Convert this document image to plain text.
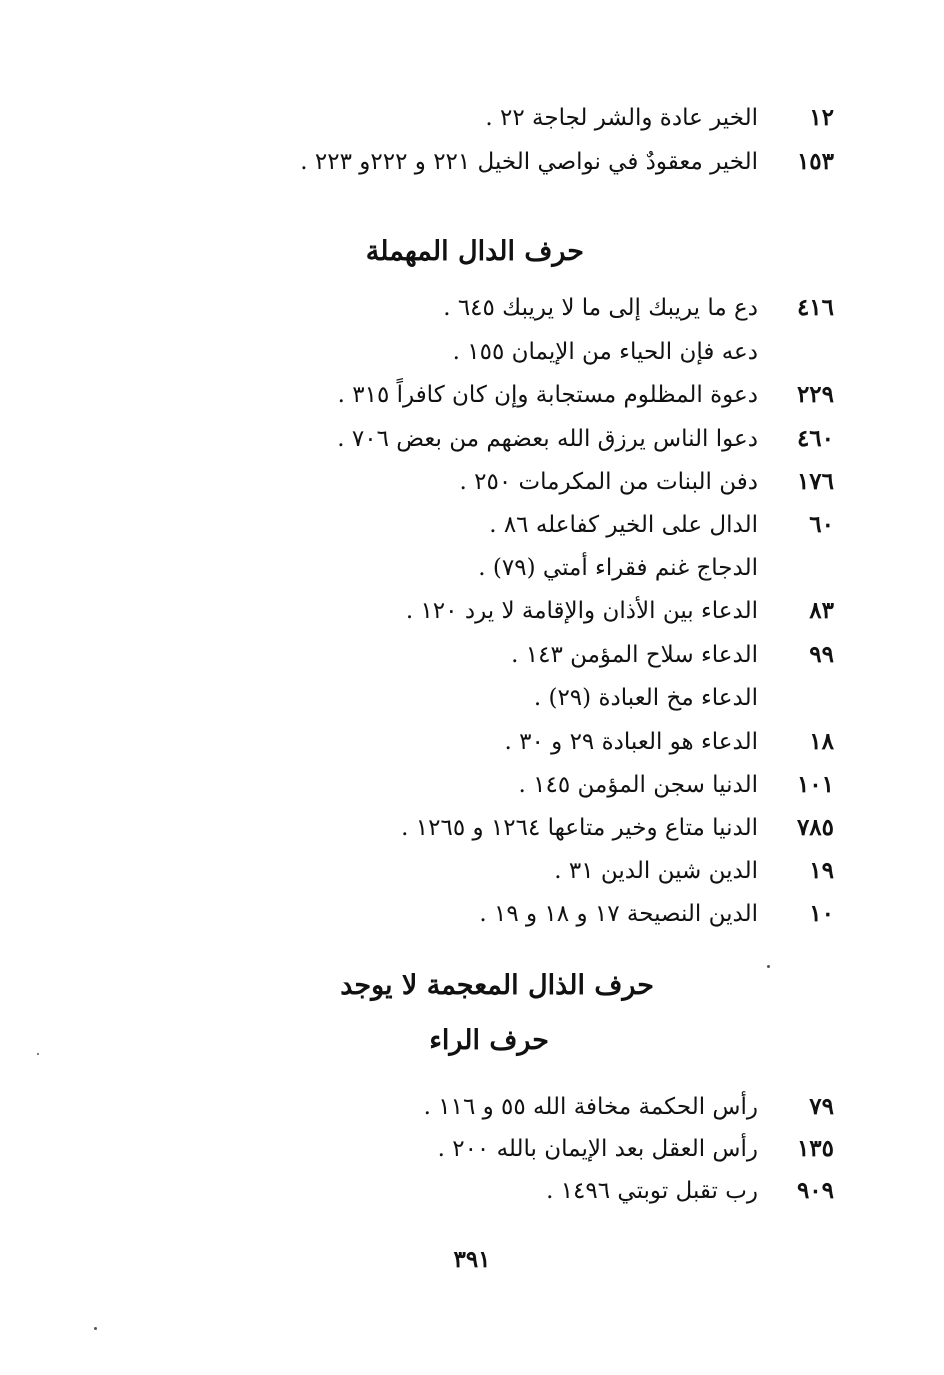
١٢
الخير عادة والشر لجاجة ٢٢ .
١٥٣
الخير معقودٌ في نواصي الخيل ٢٢١ و ٢٢٢و ٢٢٣ .
حرف الدال المهملة
٤١٦
دع ما يريبك إلى ما لا يريبك ٦٤٥ .
دعه فإن الحياء من الإيمان ١٥٥ .
٢٢٩
دعوة المظلوم مستجابة وإن كان كافراً ٣١٥ .
٤٦٠
دعوا الناس يرزق الله بعضهم من بعض ٧٠٦ .
١٧٦
دفن البنات من المكرمات ٢٥٠ .
٦٠
الدال على الخير كفاعله ٨٦ .
الدجاج غنم فقراء أمتي (٧٩) .
٨٣
الدعاء بين الأذان والإقامة لا يرد ١٢٠ .
٩٩
الدعاء سلاح المؤمن ١٤٣ .
الدعاء مخ العبادة (٢٩) .
١٨
الدعاء هو العبادة ٢٩ و ٣٠ .
١٠١
الدنيا سجن المؤمن ١٤٥ .
٧٨٥
الدنيا متاع وخير متاعها ١٢٦٤ و ١٢٦٥ .
١٩
الدين شين الدين ٣١ .
١٠
الدين النصيحة ١٧ و ١٨ و ١٩ .
حرف الذال المعجمة لا يوجد
حرف الراء
٧٩
رأس الحكمة مخافة الله ٥٥ و ١١٦ .
١٣٥
رأس العقل بعد الإيمان بالله ٢٠٠ .
٩٠٩
رب تقبل توبتي ١٤٩٦ .
٣٩١
